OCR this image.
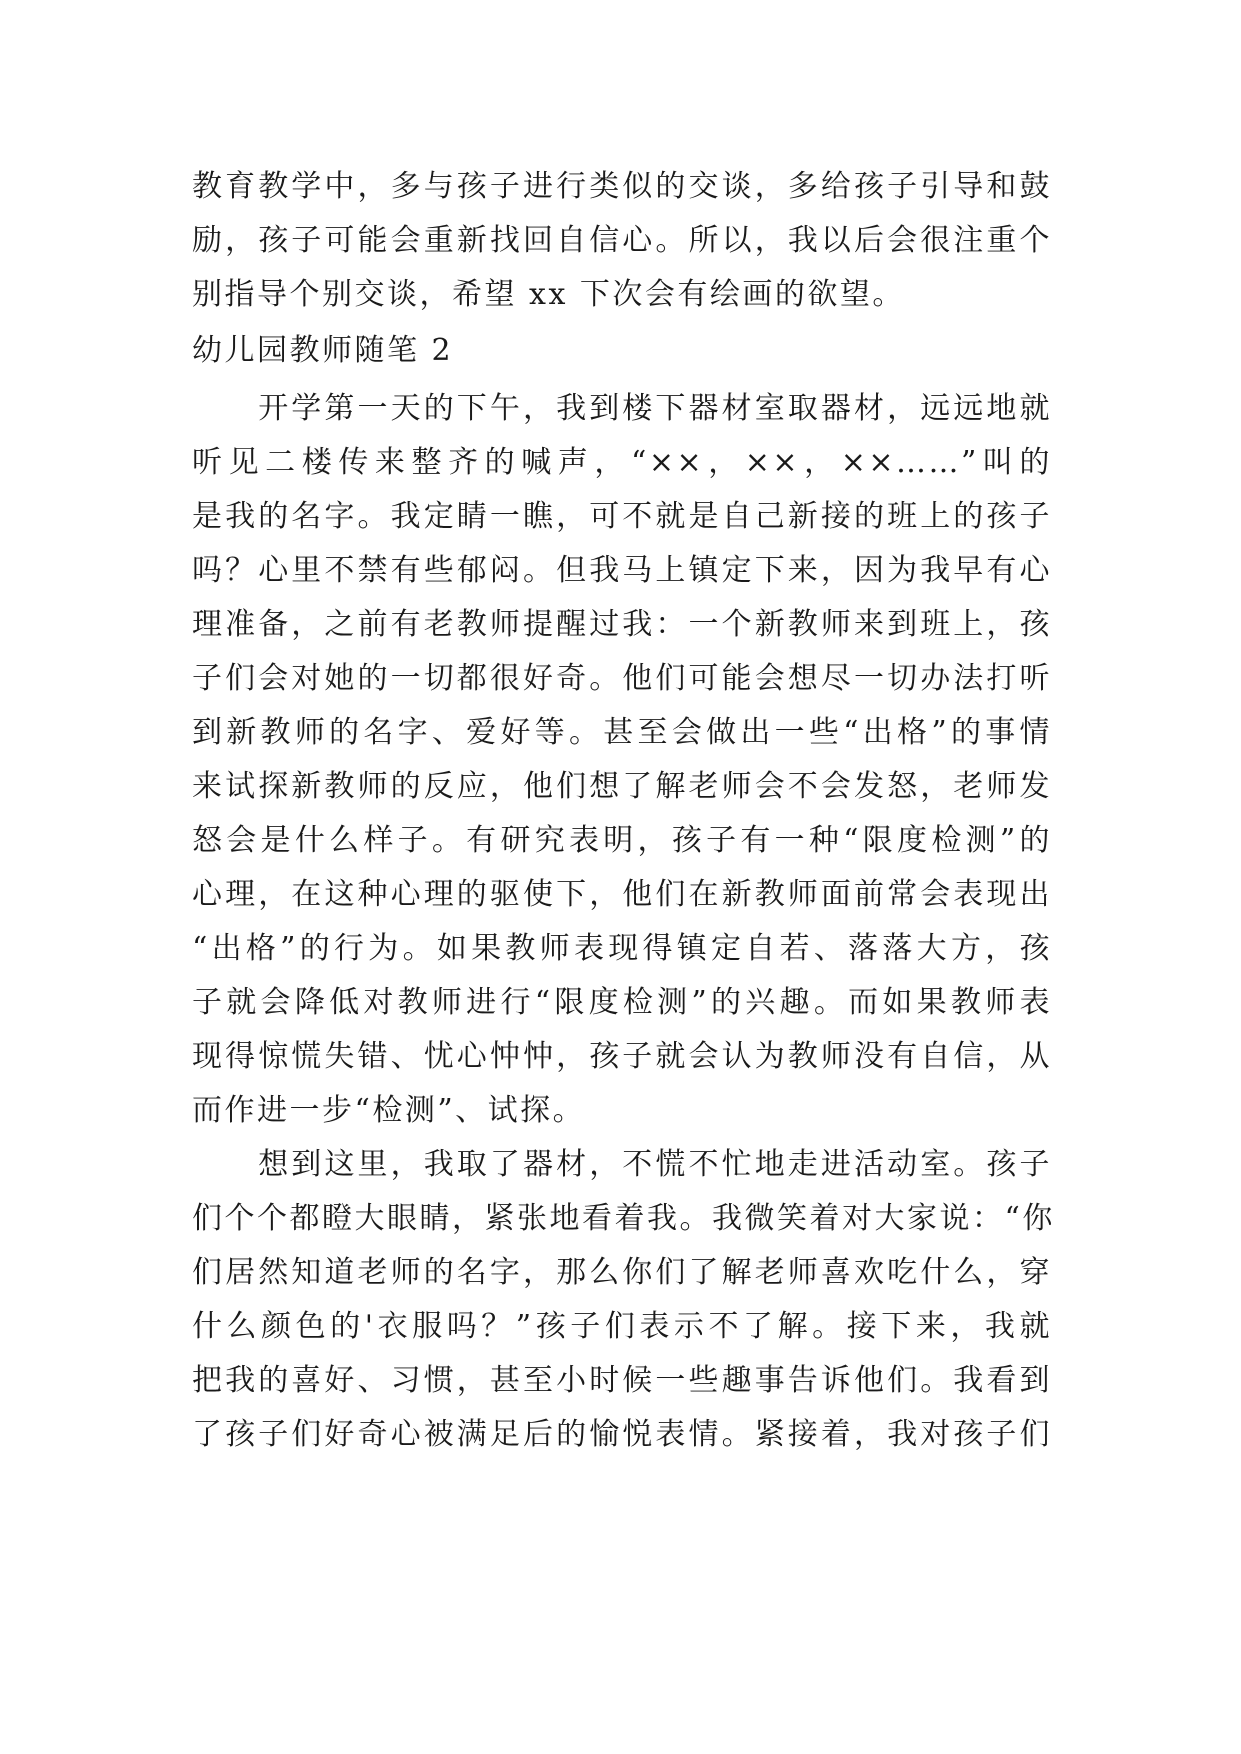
教育教学中，多与孩子进行类似的交谈，多给孩子引导和鼓
励，孩子可能会重新找回自信心。所以，我以后会很注重个
别指导个别交谈，希望 xx 下次会有绘画的欲望。
幼儿园教师随笔 2
　　开学第一天的下午，我到楼下器材室取器材，远远地就
听见二楼传来整齐的喊声，“××，××，××……”叫的
是我的名字。我定睛一瞧，可不就是自己新接的班上的孩子
吗？心里不禁有些郁闷。但我马上镇定下来，因为我早有心
理准备，之前有老教师提醒过我：一个新教师来到班上，孩
子们会对她的一切都很好奇。他们可能会想尽一切办法打听
到新教师的名字、爱好等。甚至会做出一些“出格”的事情
来试探新教师的反应，他们想了解老师会不会发怒，老师发
怒会是什么样子。有研究表明，孩子有一种“限度检测”的
心理，在这种心理的驱使下，他们在新教师面前常会表现出
“出格”的行为。如果教师表现得镇定自若、落落大方，孩
子就会降低对教师进行“限度检测”的兴趣。而如果教师表
现得惊慌失错、忧心忡忡，孩子就会认为教师没有自信，从
而作进一步“检测”、试探。
　　想到这里，我取了器材，不慌不忙地走进活动室。孩子
们个个都瞪大眼睛，紧张地看着我。我微笑着对大家说：“你
们居然知道老师的名字，那么你们了解老师喜欢吃什么，穿
什么颜色的'衣服吗？”孩子们表示不了解。接下来，我就
把我的喜好、习惯，甚至小时候一些趣事告诉他们。我看到
了孩子们好奇心被满足后的愉悦表情。紧接着，我对孩子们
